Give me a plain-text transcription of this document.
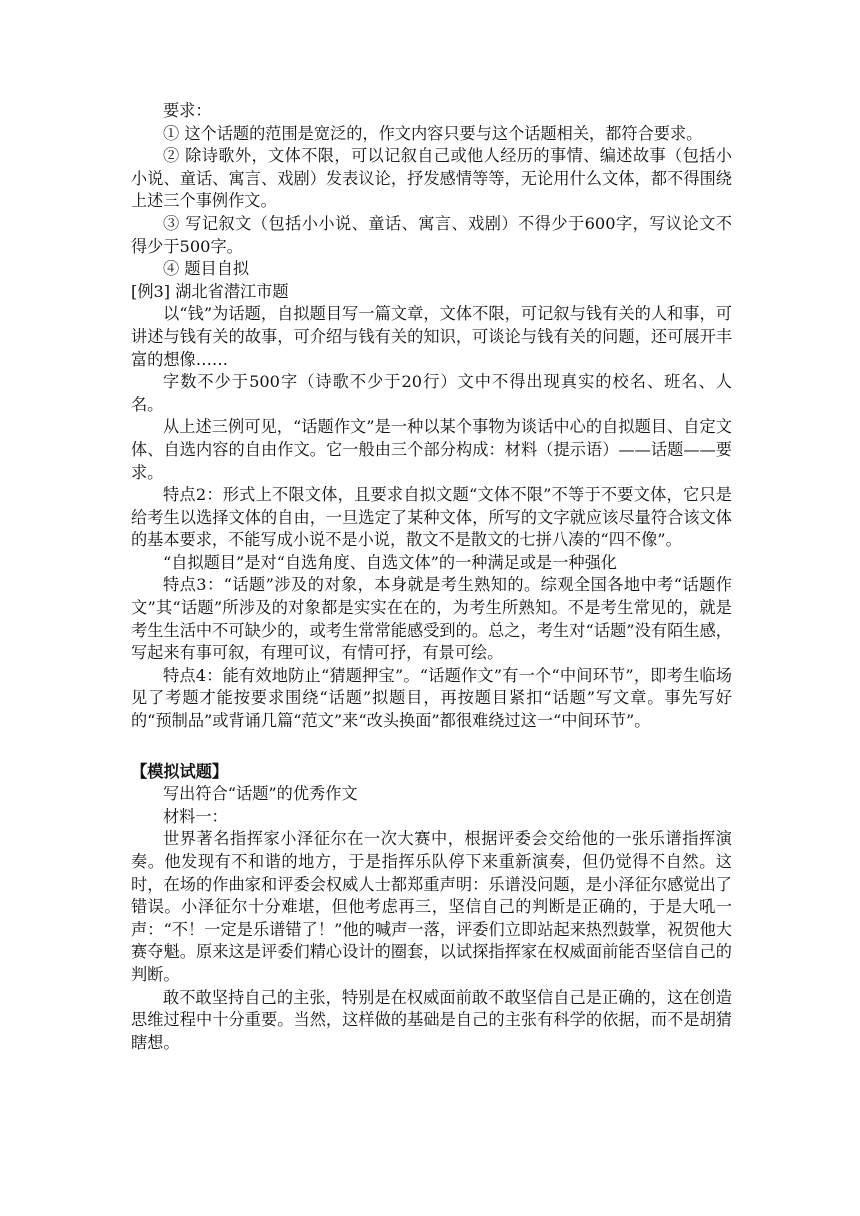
要求：

① 这个话题的范围是宽泛的，作文内容只要与这个话题相关，都符合要求。

② 除诗歌外，文体不限，可以记叙自己或他人经历的事情、编述故事（包括小小说、童话、寓言、戏剧）发表议论，抒发感情等等，无论用什么文体，都不得围绕上述三个事例作文。

③ 写记叙文（包括小小说、童话、寓言、戏剧）不得少于600字，写议论文不得少于500字。

④ 题目自拟

[例3] 湖北省潜江市题

以“钱”为话题，自拟题目写一篇文章，文体不限，可记叙与钱有关的人和事，可讲述与钱有关的故事，可介绍与钱有关的知识，可谈论与钱有关的问题，还可展开丰富的想像……

字数不少于500字（诗歌不少于20行）文中不得出现真实的校名、班名、人名。

从上述三例可见，“话题作文”是一种以某个事物为谈话中心的自拟题目、自定文体、自选内容的自由作文。它一般由三个部分构成：材料（提示语）——话题——要求。

特点2：形式上不限文体，且要求自拟文题“文体不限”不等于不要文体，它只是给考生以选择文体的自由，一旦选定了某种文体，所写的文字就应该尽量符合该文体的基本要求，不能写成小说不是小说，散文不是散文的七拼八凑的“四不像”。

“自拟题目”是对“自选角度、自选文体”的一种满足或是一种强化

特点3：“话题”涉及的对象，本身就是考生熟知的。综观全国各地中考“话题作文”其“话题”所涉及的对象都是实实在在的，为考生所熟知。不是考生常见的，就是考生生活中不可缺少的，或考生常常能感受到的。总之，考生对“话题”没有陌生感，写起来有事可叙，有理可议，有情可抒，有景可绘。

特点4：能有效地防止“猜题押宝”。“话题作文”有一个“中间环节”，即考生临场见了考题才能按要求围绕“话题”拟题目，再按题目紧扣“话题”写文章。事先写好的“预制品”或背诵几篇“范文”来“改头换面”都很难绕过这一“中间环节”。

【模拟试题】

写出符合“话题”的优秀作文

材料一：

世界著名指挥家小泽征尔在一次大赛中，根据评委会交给他的一张乐谱指挥演奏。他发现有不和谐的地方，于是指挥乐队停下来重新演奏，但仍觉得不自然。这时，在场的作曲家和评委会权威人士都郑重声明：乐谱没问题，是小泽征尔感觉出了错误。小泽征尔十分难堪，但他考虑再三，坚信自己的判断是正确的，于是大吼一声：“不！一定是乐谱错了！”他的喊声一落，评委们立即站起来热烈鼓掌，祝贺他大赛夺魁。原来这是评委们精心设计的圈套，以试探指挥家在权威面前能否坚信自己的判断。

敢不敢坚持自己的主张，特别是在权威面前敢不敢坚信自己是正确的，这在创造思维过程中十分重要。当然，这样做的基础是自己的主张有科学的依据，而不是胡猜瞎想。
